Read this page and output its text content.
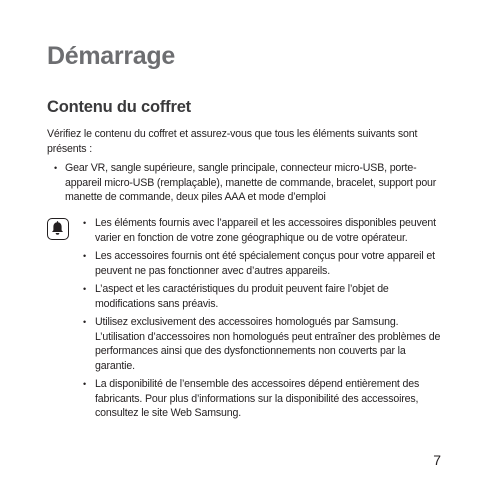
Démarrage
Contenu du coffret

Vérifiez le contenu du coffret et assurez-vous que tous les éléments suivants sont présents :

• Gear VR, sangle supérieure, sangle principale, connecteur micro-USB, porte-appareil micro-USB (remplaçable), manette de commande, bracelet, support pour manette de commande, deux piles AAA et mode d’emploi
• Les éléments fournis avec l’appareil et les accessoires disponibles peuvent varier en fonction de votre zone géographique ou de votre opérateur.
• Les accessoires fournis ont été spécialement conçus pour votre appareil et peuvent ne pas fonctionner avec d’autres appareils.
• L’aspect et les caractéristiques du produit peuvent faire l’objet de modifications sans préavis.
• Utilisez exclusivement des accessoires homologués par Samsung. L’utilisation d’accessoires non homologués peut entraîner des problèmes de performances ainsi que des dysfonctionnements non couverts par la garantie.
• La disponibilité de l’ensemble des accessoires dépend entièrement des fabricants. Pour plus d’informations sur la disponibilité des accessoires, consultez le site Web Samsung.

7
